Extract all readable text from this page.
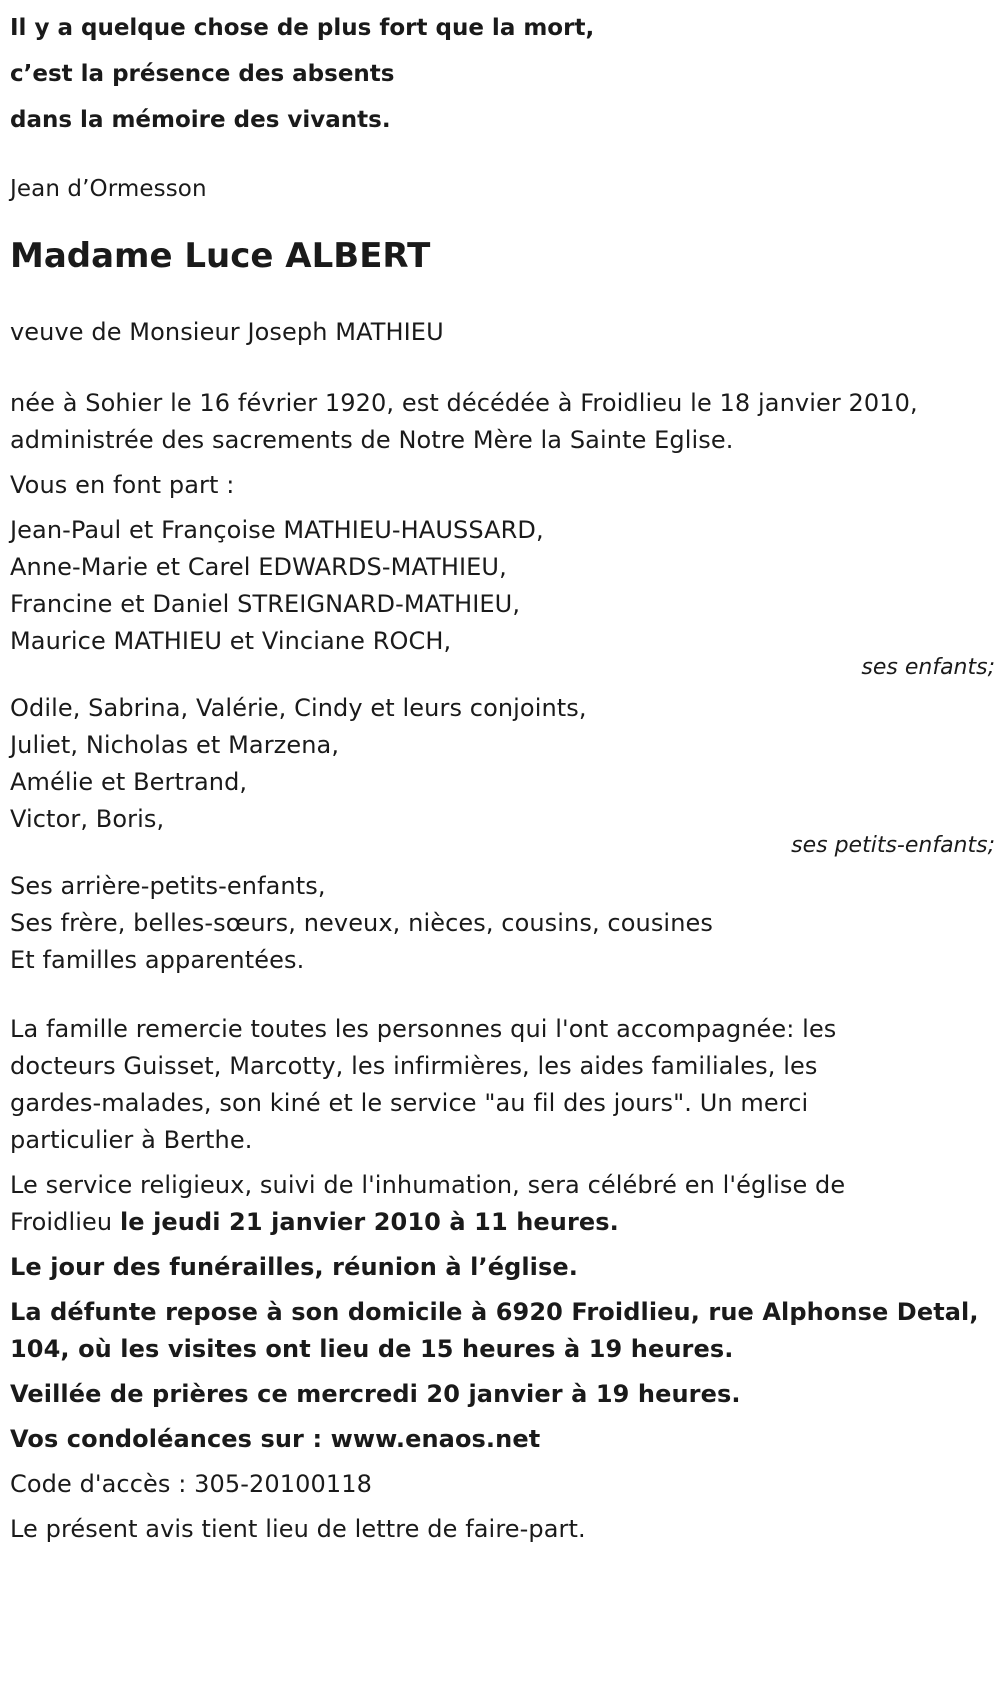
Il y a quelque chose de plus fort que la mort,
c’est la présence des absents
dans la mémoire des vivants.
Jean d’Ormesson
Madame Luce ALBERT
veuve de Monsieur Joseph MATHIEU
née à Sohier le 16 février 1920, est décédée à Froidlieu le 18 janvier 2010,
administrée des sacrements de Notre Mère la Sainte Eglise.
Vous en font part :
Jean-Paul et Françoise MATHIEU-HAUSSARD,
Anne-Marie et Carel EDWARDS-MATHIEU,
Francine et Daniel STREIGNARD-MATHIEU,
Maurice MATHIEU et Vinciane ROCH,
ses enfants;
Odile, Sabrina, Valérie, Cindy et leurs conjoints,
Juliet, Nicholas et Marzena,
Amélie et Bertrand,
Victor, Boris,
ses petits-enfants;
Ses arrière-petits-enfants,
Ses frère, belles-sœurs, neveux, nièces, cousins, cousines
Et familles apparentées.
La famille remercie toutes les personnes qui l'ont accompagnée: les
docteurs Guisset, Marcotty, les infirmières, les aides familiales, les
gardes-malades, son kiné et le service "au fil des jours". Un merci
particulier à Berthe.
Le service religieux, suivi de l'inhumation, sera célébré en l'église de
Froidlieu le jeudi 21 janvier 2010 à 11 heures.
Le jour des funérailles, réunion à l’église.
La défunte repose à son domicile à 6920 Froidlieu, rue Alphonse Detal,
104, où les visites ont lieu de 15 heures à 19 heures.
Veillée de prières ce mercredi 20 janvier à 19 heures.
Vos condoléances sur : www.enaos.net
Code d'accès : 305-20100118
Le présent avis tient lieu de lettre de faire-part.
